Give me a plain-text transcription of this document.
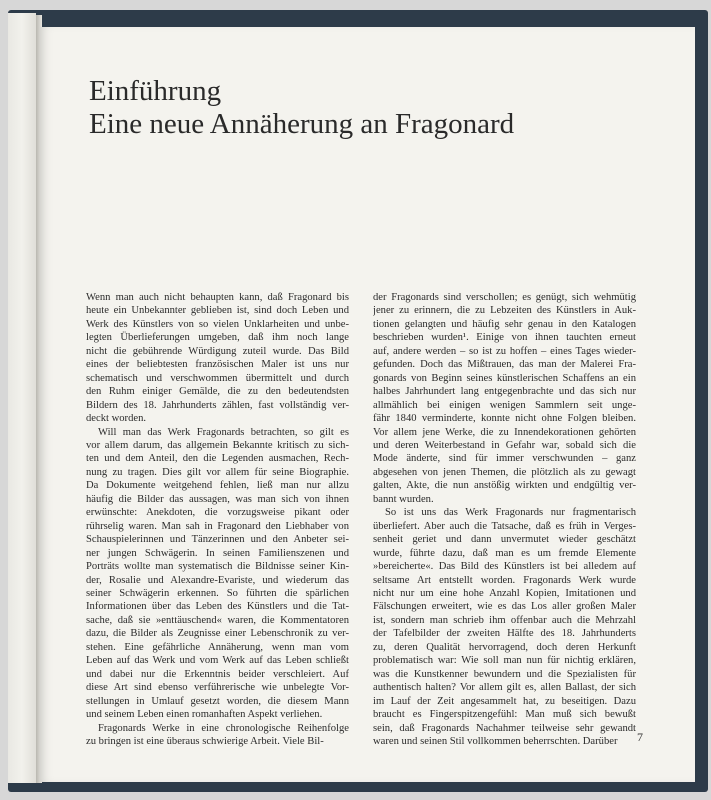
Einführung
Eine neue Annäherung an Fragonard
Wenn man auch nicht behaupten kann, daß Fragonard bis
heute ein Unbekannter geblieben ist, sind doch Leben und
Werk des Künstlers von so vielen Unklarheiten und unbe-
legten Überlieferungen umgeben, daß ihm noch lange
nicht die gebührende Würdigung zuteil wurde. Das Bild
eines der beliebtesten französischen Maler ist uns nur
schematisch und verschwommen übermittelt und durch
den Ruhm einiger Gemälde, die zu den bedeutendsten
Bildern des 18. Jahrhunderts zählen, fast vollständig ver-
deckt worden.
Will man das Werk Fragonards betrachten, so gilt es
vor allem darum, das allgemein Bekannte kritisch zu sich-
ten und dem Anteil, den die Legenden ausmachen, Rech-
nung zu tragen. Dies gilt vor allem für seine Biographie.
Da Dokumente weitgehend fehlen, ließ man nur allzu
häufig die Bilder das aussagen, was man sich von ihnen
erwünschte: Anekdoten, die vorzugsweise pikant oder
rührselig waren. Man sah in Fragonard den Liebhaber von
Schauspielerinnen und Tänzerinnen und den Anbeter sei-
ner jungen Schwägerin. In seinen Familienszenen und
Porträts wollte man systematisch die Bildnisse seiner Kin-
der, Rosalie und Alexandre-Evariste, und wiederum das
seiner Schwägerin erkennen. So führten die spärlichen
Informationen über das Leben des Künstlers und die Tat-
sache, daß sie »enttäuschend« waren, die Kommentatoren
dazu, die Bilder als Zeugnisse einer Lebenschronik zu ver-
stehen. Eine gefährliche Annäherung, wenn man vom
Leben auf das Werk und vom Werk auf das Leben schließt
und dabei nur die Erkenntnis beider verschleiert. Auf
diese Art sind ebenso verführerische wie unbelegte Vor-
stellungen in Umlauf gesetzt worden, die diesem Mann
und seinem Leben einen romanhaften Aspekt verliehen.
Fragonards Werke in eine chronologische Reihenfolge
zu bringen ist eine überaus schwierige Arbeit. Viele Bil-
der Fragonards sind verschollen; es genügt, sich wehmütig
jener zu erinnern, die zu Lebzeiten des Künstlers in Auk-
tionen gelangten und häufig sehr genau in den Katalogen
beschrieben wurden¹. Einige von ihnen tauchten erneut
auf, andere werden – so ist zu hoffen – eines Tages wieder-
gefunden. Doch das Mißtrauen, das man der Malerei Fra-
gonards von Beginn seines künstlerischen Schaffens an ein
halbes Jahrhundert lang entgegenbrachte und das sich nur
allmählich bei einigen wenigen Sammlern seit unge-
fähr 1840 verminderte, konnte nicht ohne Folgen bleiben.
Vor allem jene Werke, die zu Innendekorationen gehörten
und deren Weiterbestand in Gefahr war, sobald sich die
Mode änderte, sind für immer verschwunden – ganz
abgesehen von jenen Themen, die plötzlich als zu gewagt
galten, Akte, die nun anstößig wirkten und endgültig ver-
bannt wurden.
So ist uns das Werk Fragonards nur fragmentarisch
überliefert. Aber auch die Tatsache, daß es früh in Verges-
senheit geriet und dann unvermutet wieder geschätzt
wurde, führte dazu, daß man es um fremde Elemente
»bereicherte«. Das Bild des Künstlers ist bei alledem auf
seltsame Art entstellt worden. Fragonards Werk wurde
nicht nur um eine hohe Anzahl Kopien, Imitationen und
Fälschungen erweitert, wie es das Los aller großen Maler
ist, sondern man schrieb ihm offenbar auch die Mehrzahl
der Tafelbilder der zweiten Hälfte des 18. Jahrhunderts
zu, deren Qualität hervorragend, doch deren Herkunft
problematisch war: Wie soll man nun für nichtig erklären,
was die Kunstkenner bewundern und die Spezialisten für
authentisch halten? Vor allem gilt es, allen Ballast, der sich
im Lauf der Zeit angesammelt hat, zu beseitigen. Dazu
braucht es Fingerspitzengefühl: Man muß sich bewußt
sein, daß Fragonards Nachahmer teilweise sehr gewandt
waren und seinen Stil vollkommen beherrschten. Darüber	7
